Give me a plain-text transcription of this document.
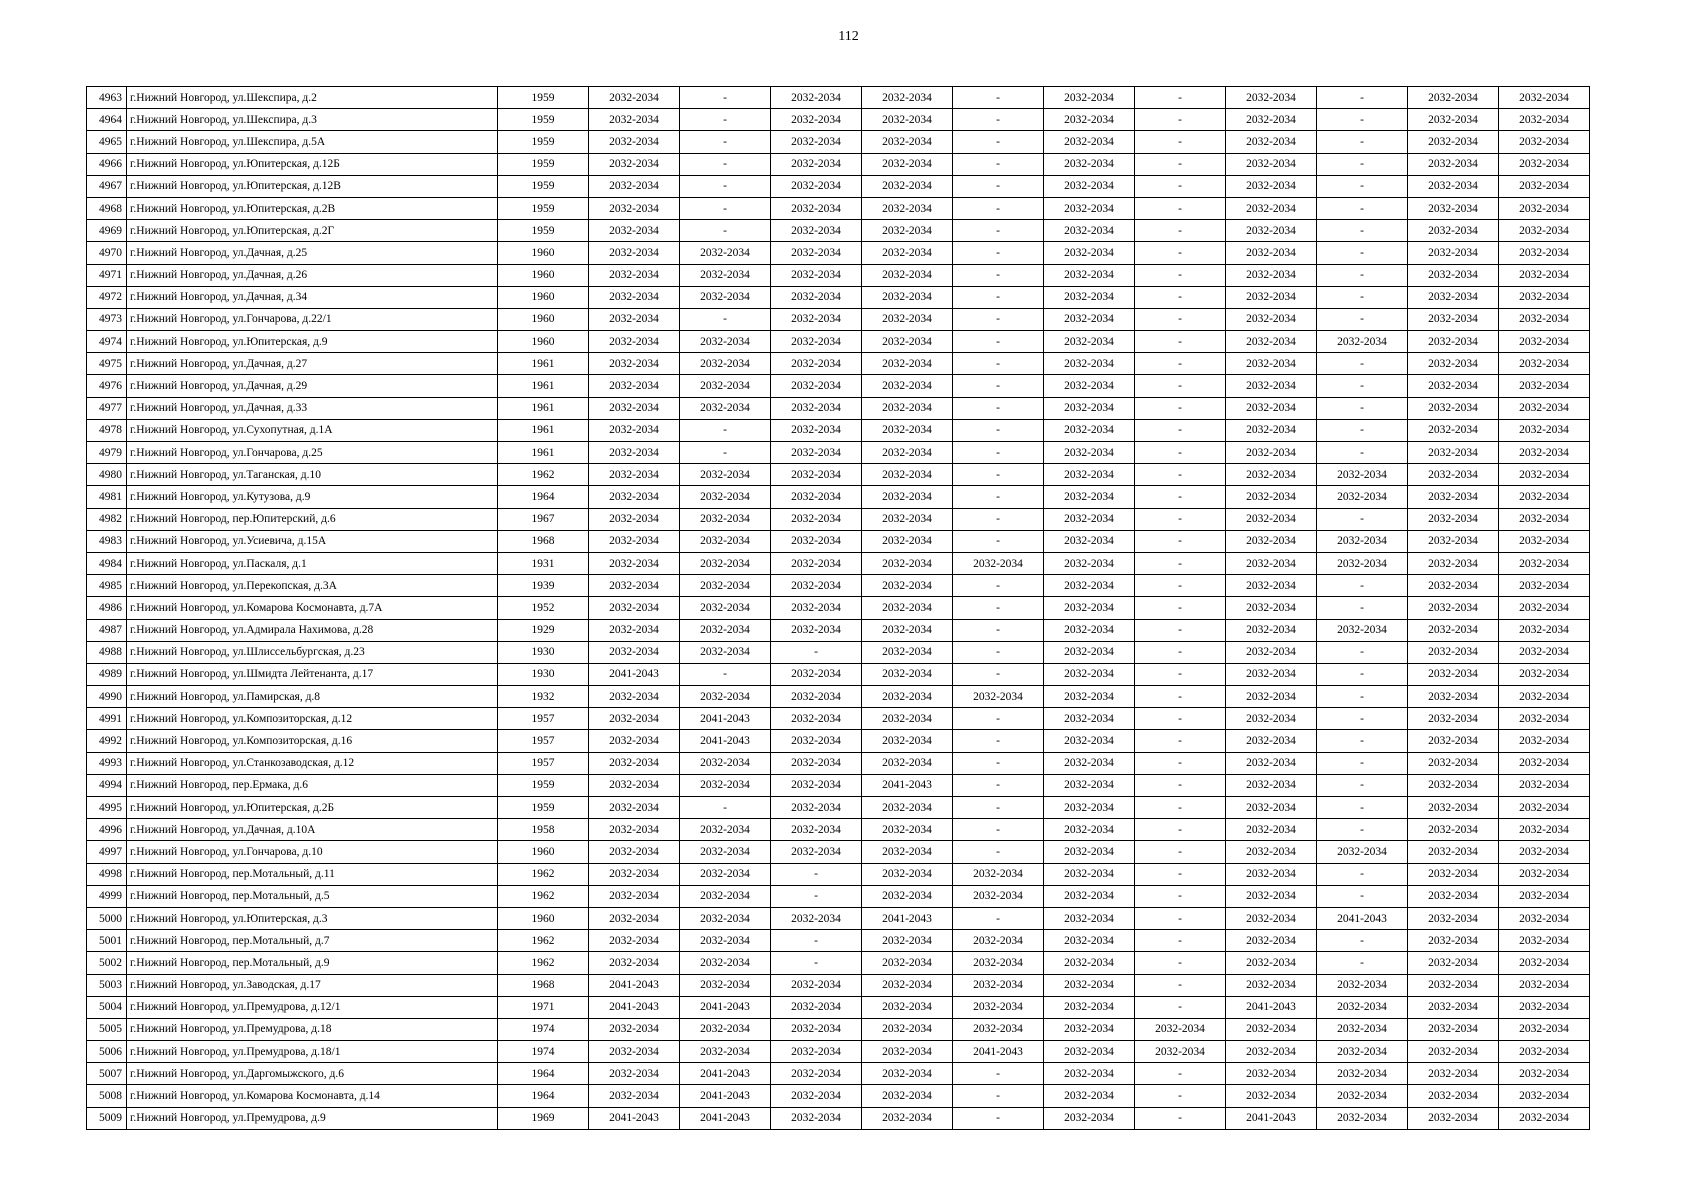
112
4963	г.Нижний Новгород, ул.Шекспира, д.2	1959	2032-2034	-	2032-2034	2032-2034	-	2032-2034	-	2032-2034	-	2032-2034	2032-2034
4964	г.Нижний Новгород, ул.Шекспира, д.3	1959	2032-2034	-	2032-2034	2032-2034	-	2032-2034	-	2032-2034	-	2032-2034	2032-2034
4965	г.Нижний Новгород, ул.Шекспира, д.5А	1959	2032-2034	-	2032-2034	2032-2034	-	2032-2034	-	2032-2034	-	2032-2034	2032-2034
4966	г.Нижний Новгород, ул.Юпитерская, д.12Б	1959	2032-2034	-	2032-2034	2032-2034	-	2032-2034	-	2032-2034	-	2032-2034	2032-2034
4967	г.Нижний Новгород, ул.Юпитерская, д.12В	1959	2032-2034	-	2032-2034	2032-2034	-	2032-2034	-	2032-2034	-	2032-2034	2032-2034
4968	г.Нижний Новгород, ул.Юпитерская, д.2В	1959	2032-2034	-	2032-2034	2032-2034	-	2032-2034	-	2032-2034	-	2032-2034	2032-2034
4969	г.Нижний Новгород, ул.Юпитерская, д.2Г	1959	2032-2034	-	2032-2034	2032-2034	-	2032-2034	-	2032-2034	-	2032-2034	2032-2034
4970	г.Нижний Новгород, ул.Дачная, д.25	1960	2032-2034	2032-2034	2032-2034	2032-2034	-	2032-2034	-	2032-2034	-	2032-2034	2032-2034
4971	г.Нижний Новгород, ул.Дачная, д.26	1960	2032-2034	2032-2034	2032-2034	2032-2034	-	2032-2034	-	2032-2034	-	2032-2034	2032-2034
4972	г.Нижний Новгород, ул.Дачная, д.34	1960	2032-2034	2032-2034	2032-2034	2032-2034	-	2032-2034	-	2032-2034	-	2032-2034	2032-2034
4973	г.Нижний Новгород, ул.Гончарова, д.22/1	1960	2032-2034	-	2032-2034	2032-2034	-	2032-2034	-	2032-2034	-	2032-2034	2032-2034
4974	г.Нижний Новгород, ул.Юпитерская, д.9	1960	2032-2034	2032-2034	2032-2034	2032-2034	-	2032-2034	-	2032-2034	2032-2034	2032-2034	2032-2034
4975	г.Нижний Новгород, ул.Дачная, д.27	1961	2032-2034	2032-2034	2032-2034	2032-2034	-	2032-2034	-	2032-2034	-	2032-2034	2032-2034
4976	г.Нижний Новгород, ул.Дачная, д.29	1961	2032-2034	2032-2034	2032-2034	2032-2034	-	2032-2034	-	2032-2034	-	2032-2034	2032-2034
4977	г.Нижний Новгород, ул.Дачная, д.33	1961	2032-2034	2032-2034	2032-2034	2032-2034	-	2032-2034	-	2032-2034	-	2032-2034	2032-2034
4978	г.Нижний Новгород, ул.Сухопутная, д.1А	1961	2032-2034	-	2032-2034	2032-2034	-	2032-2034	-	2032-2034	-	2032-2034	2032-2034
4979	г.Нижний Новгород, ул.Гончарова, д.25	1961	2032-2034	-	2032-2034	2032-2034	-	2032-2034	-	2032-2034	-	2032-2034	2032-2034
4980	г.Нижний Новгород, ул.Таганская, д.10	1962	2032-2034	2032-2034	2032-2034	2032-2034	-	2032-2034	-	2032-2034	2032-2034	2032-2034	2032-2034
4981	г.Нижний Новгород, ул.Кутузова, д.9	1964	2032-2034	2032-2034	2032-2034	2032-2034	-	2032-2034	-	2032-2034	2032-2034	2032-2034	2032-2034
4982	г.Нижний Новгород, пер.Юпитерский, д.6	1967	2032-2034	2032-2034	2032-2034	2032-2034	-	2032-2034	-	2032-2034	-	2032-2034	2032-2034
4983	г.Нижний Новгород, ул.Усиевича, д.15А	1968	2032-2034	2032-2034	2032-2034	2032-2034	-	2032-2034	-	2032-2034	2032-2034	2032-2034	2032-2034
4984	г.Нижний Новгород, ул.Паскаля, д.1	1931	2032-2034	2032-2034	2032-2034	2032-2034	2032-2034	2032-2034	-	2032-2034	2032-2034	2032-2034	2032-2034
4985	г.Нижний Новгород, ул.Перекопская, д.3А	1939	2032-2034	2032-2034	2032-2034	2032-2034	-	2032-2034	-	2032-2034	-	2032-2034	2032-2034
4986	г.Нижний Новгород, ул.Комарова Космонавта, д.7А	1952	2032-2034	2032-2034	2032-2034	2032-2034	-	2032-2034	-	2032-2034	-	2032-2034	2032-2034
4987	г.Нижний Новгород, ул.Адмирала Нахимова, д.28	1929	2032-2034	2032-2034	2032-2034	2032-2034	-	2032-2034	-	2032-2034	2032-2034	2032-2034	2032-2034
4988	г.Нижний Новгород, ул.Шлиссельбургская, д.23	1930	2032-2034	2032-2034	-	2032-2034	-	2032-2034	-	2032-2034	-	2032-2034	2032-2034
4989	г.Нижний Новгород, ул.Шмидта Лейтенанта, д.17	1930	2041-2043	-	2032-2034	2032-2034	-	2032-2034	-	2032-2034	-	2032-2034	2032-2034
4990	г.Нижний Новгород, ул.Памирская, д.8	1932	2032-2034	2032-2034	2032-2034	2032-2034	2032-2034	2032-2034	-	2032-2034	-	2032-2034	2032-2034
4991	г.Нижний Новгород, ул.Композиторская, д.12	1957	2032-2034	2041-2043	2032-2034	2032-2034	-	2032-2034	-	2032-2034	-	2032-2034	2032-2034
4992	г.Нижний Новгород, ул.Композиторская, д.16	1957	2032-2034	2041-2043	2032-2034	2032-2034	-	2032-2034	-	2032-2034	-	2032-2034	2032-2034
4993	г.Нижний Новгород, ул.Станкозаводская, д.12	1957	2032-2034	2032-2034	2032-2034	2032-2034	-	2032-2034	-	2032-2034	-	2032-2034	2032-2034
4994	г.Нижний Новгород, пер.Ермака, д.6	1959	2032-2034	2032-2034	2032-2034	2041-2043	-	2032-2034	-	2032-2034	-	2032-2034	2032-2034
4995	г.Нижний Новгород, ул.Юпитерская, д.2Б	1959	2032-2034	-	2032-2034	2032-2034	-	2032-2034	-	2032-2034	-	2032-2034	2032-2034
4996	г.Нижний Новгород, ул.Дачная, д.10А	1958	2032-2034	2032-2034	2032-2034	2032-2034	-	2032-2034	-	2032-2034	-	2032-2034	2032-2034
4997	г.Нижний Новгород, ул.Гончарова, д.10	1960	2032-2034	2032-2034	2032-2034	2032-2034	-	2032-2034	-	2032-2034	2032-2034	2032-2034	2032-2034
4998	г.Нижний Новгород, пер.Мотальный, д.11	1962	2032-2034	2032-2034	-	2032-2034	2032-2034	2032-2034	-	2032-2034	-	2032-2034	2032-2034
4999	г.Нижний Новгород, пер.Мотальный, д.5	1962	2032-2034	2032-2034	-	2032-2034	2032-2034	2032-2034	-	2032-2034	-	2032-2034	2032-2034
5000	г.Нижний Новгород, ул.Юпитерская, д.3	1960	2032-2034	2032-2034	2032-2034	2041-2043	-	2032-2034	-	2032-2034	2041-2043	2032-2034	2032-2034
5001	г.Нижний Новгород, пер.Мотальный, д.7	1962	2032-2034	2032-2034	-	2032-2034	2032-2034	2032-2034	-	2032-2034	-	2032-2034	2032-2034
5002	г.Нижний Новгород, пер.Мотальный, д.9	1962	2032-2034	2032-2034	-	2032-2034	2032-2034	2032-2034	-	2032-2034	-	2032-2034	2032-2034
5003	г.Нижний Новгород, ул.Заводская, д.17	1968	2041-2043	2032-2034	2032-2034	2032-2034	2032-2034	2032-2034	-	2032-2034	2032-2034	2032-2034	2032-2034
5004	г.Нижний Новгород, ул.Премудрова, д.12/1	1971	2041-2043	2041-2043	2032-2034	2032-2034	2032-2034	2032-2034	-	2041-2043	2032-2034	2032-2034	2032-2034
5005	г.Нижний Новгород, ул.Премудрова, д.18	1974	2032-2034	2032-2034	2032-2034	2032-2034	2032-2034	2032-2034	2032-2034	2032-2034	2032-2034	2032-2034	2032-2034
5006	г.Нижний Новгород, ул.Премудрова, д.18/1	1974	2032-2034	2032-2034	2032-2034	2032-2034	2041-2043	2032-2034	2032-2034	2032-2034	2032-2034	2032-2034	2032-2034
5007	г.Нижний Новгород, ул.Даргомыжского, д.6	1964	2032-2034	2041-2043	2032-2034	2032-2034	-	2032-2034	-	2032-2034	2032-2034	2032-2034	2032-2034
5008	г.Нижний Новгород, ул.Комарова Космонавта, д.14	1964	2032-2034	2041-2043	2032-2034	2032-2034	-	2032-2034	-	2032-2034	2032-2034	2032-2034	2032-2034
5009	г.Нижний Новгород, ул.Премудрова, д.9	1969	2041-2043	2041-2043	2032-2034	2032-2034	-	2032-2034	-	2041-2043	2032-2034	2032-2034	2032-2034
